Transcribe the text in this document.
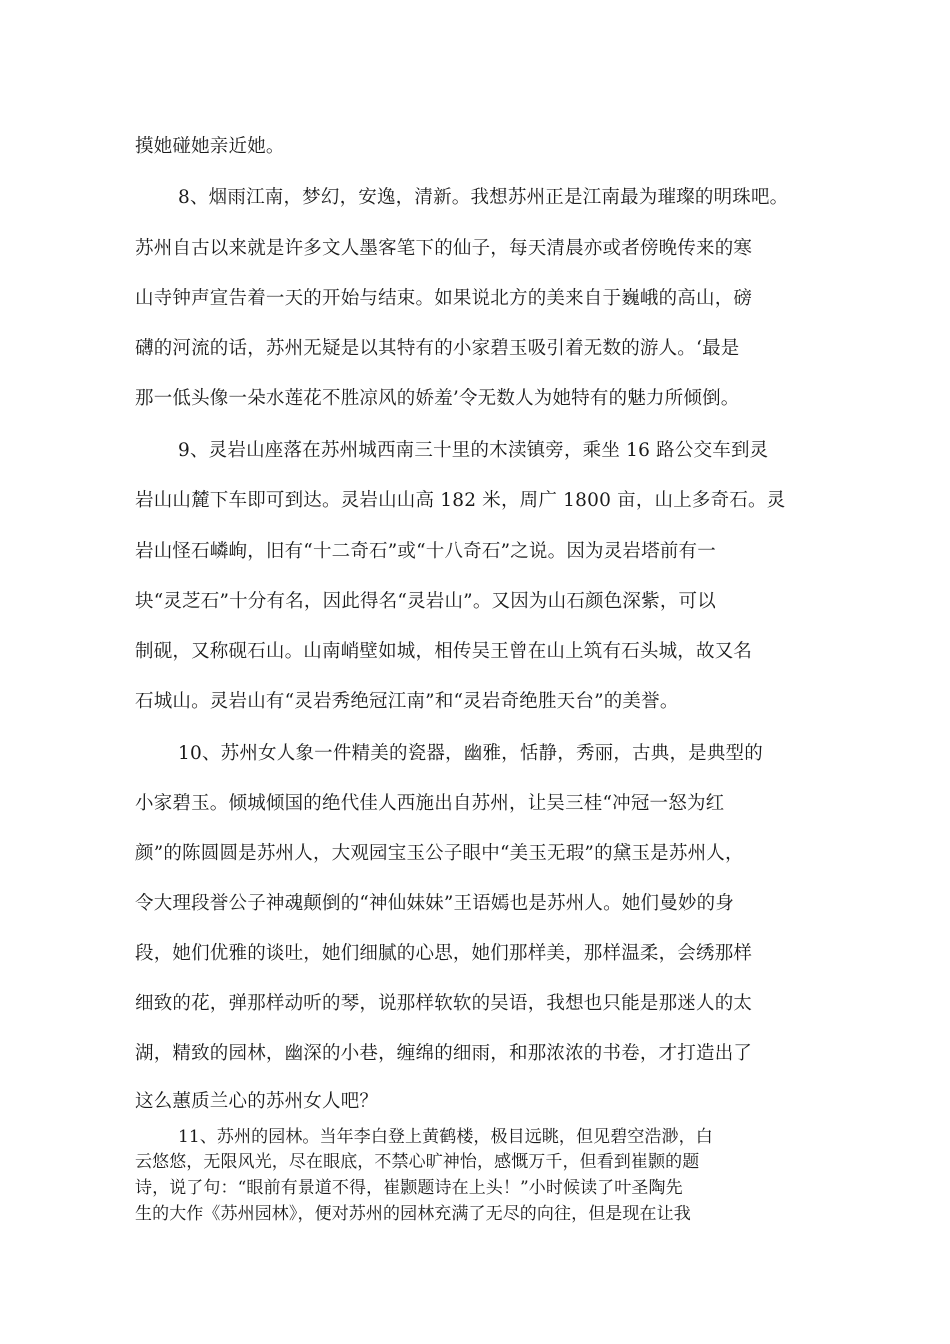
摸她碰她亲近她。
8、烟雨江南，梦幻，安逸，清新。我想苏州正是江南最为璀璨的明珠吧。
苏州自古以来就是许多文人墨客笔下的仙子，每天清晨亦或者傍晚传来的寒
山寺钟声宣告着一天的开始与结束。如果说北方的美来自于巍峨的高山，磅
礴的河流的话，苏州无疑是以其特有的小家碧玉吸引着无数的游人。‘最是
那一低头像一朵水莲花不胜凉风的娇羞’令无数人为她特有的魅力所倾倒。
9、灵岩山座落在苏州城西南三十里的木渎镇旁，乘坐 16 路公交车到灵
岩山山麓下车即可到达。灵岩山山高 182 米，周广 1800 亩，山上多奇石。灵
岩山怪石嶙峋，旧有“十二奇石”或“十八奇石”之说。因为灵岩塔前有一
块“灵芝石”十分有名，因此得名“灵岩山”。又因为山石颜色深紫，可以
制砚，又称砚石山。山南峭壁如城，相传吴王曾在山上筑有石头城，故又名
石城山。灵岩山有“灵岩秀绝冠江南”和“灵岩奇绝胜天台”的美誉。
10、苏州女人象一件精美的瓷器，幽雅，恬静，秀丽，古典，是典型的
小家碧玉。倾城倾国的绝代佳人西施出自苏州，让吴三桂“冲冠一怒为红
颜”的陈圆圆是苏州人，大观园宝玉公子眼中“美玉无瑕”的黛玉是苏州人，
令大理段誉公子神魂颠倒的“神仙妹妹”王语嫣也是苏州人。她们曼妙的身
段，她们优雅的谈吐，她们细腻的心思，她们那样美，那样温柔，会绣那样
细致的花，弹那样动听的琴，说那样软软的吴语，我想也只能是那迷人的太
湖，精致的园林，幽深的小巷，缠绵的细雨，和那浓浓的书卷，才打造出了
这么蕙质兰心的苏州女人吧？
11、苏州的园林。当年李白登上黄鹤楼，极目远眺，但见碧空浩渺，白
云悠悠，无限风光，尽在眼底，不禁心旷神怡，感慨万千，但看到崔颢的题
诗，说了句：“眼前有景道不得，崔颢题诗在上头！”小时候读了叶圣陶先
生的大作《苏州园林》，便对苏州的园林充满了无尽的向往，但是现在让我
